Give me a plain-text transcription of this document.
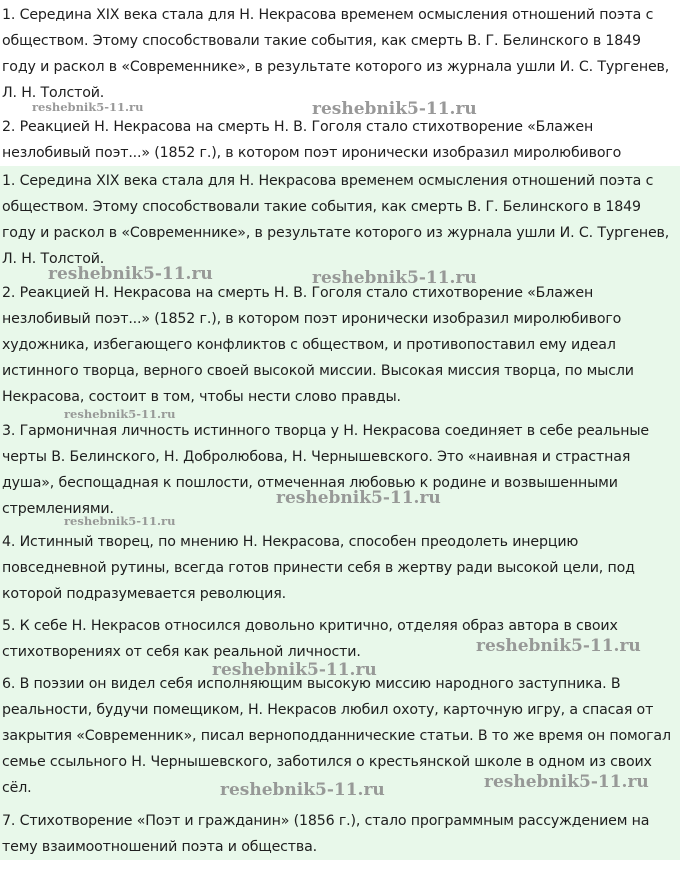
1. Середина XIX века стала для Н. Некрасова временем осмысления отношений поэта с обществом. Этому способствовали такие события, как смерть В. Г. Белинского в 1849 году и раскол в «Современнике», в результате которого из журнала ушли И. С. Тургенев, Л. Н. Толстой.

2. Реакцией Н. Некрасова на смерть Н. В. Гоголя стало стихотворение «Блажен незлобивый поэт...» (1852 г.), в котором поэт иронически изобразил миролюбивого

1. Середина XIX века стала для Н. Некрасова временем осмысления отношений поэта с обществом. Этому способствовали такие события, как смерть В. Г. Белинского в 1849 году и раскол в «Современнике», в результате которого из журнала ушли И. С. Тургенев, Л. Н. Толстой.

2. Реакцией Н. Некрасова на смерть Н. В. Гоголя стало стихотворение «Блажен незлобивый поэт...» (1852 г.), в котором поэт иронически изобразил миролюбивого художника, избегающего конфликтов с обществом, и противопоставил ему идеал истинного творца, верного своей высокой миссии. Высокая миссия творца, по мысли Некрасова, состоит в том, чтобы нести слово правды.

3. Гармоничная личность истинного творца у Н. Некрасова соединяет в себе реальные черты В. Белинского, Н. Добролюбова, Н. Чернышевского. Это «наивная и страстная душа», беспощадная к пошлости, отмеченная любовью к родине и возвышенными стремлениями.

4. Истинный творец, по мнению Н. Некрасова, способен преодолеть инерцию повседневной рутины, всегда готов принести себя в жертву ради высокой цели, под которой подразумевается революция.

5. К себе Н. Некрасов относился довольно критично, отделяя образ автора в своих стихотворениях от себя как реальной личности.

6. В поэзии он видел себя исполняющим высокую миссию народного заступника. В реальности, будучи помещиком, Н. Некрасов любил охоту, карточную игру, а спасая от закрытия «Современник», писал верноподданнические статьи. В то же время он помогал семье ссыльного Н. Чернышевского, заботился о крестьянской школе в одном из своих сёл.

7. Стихотворение «Поэт и гражданин» (1856 г.), стало программным рассуждением на тему взаимоотношений поэта и общества.

reshebnik5-11.ru	reshebnik5-11.ru
reshebnik5-11.ru	reshebnik5-11.ru
reshebnik5-11.ru
reshebnik5-11.ru
reshebnik5-11.ru
reshebnik5-11.ru
reshebnik5-11.ru
reshebnik5-11.ru
reshebnik5-11.ru
